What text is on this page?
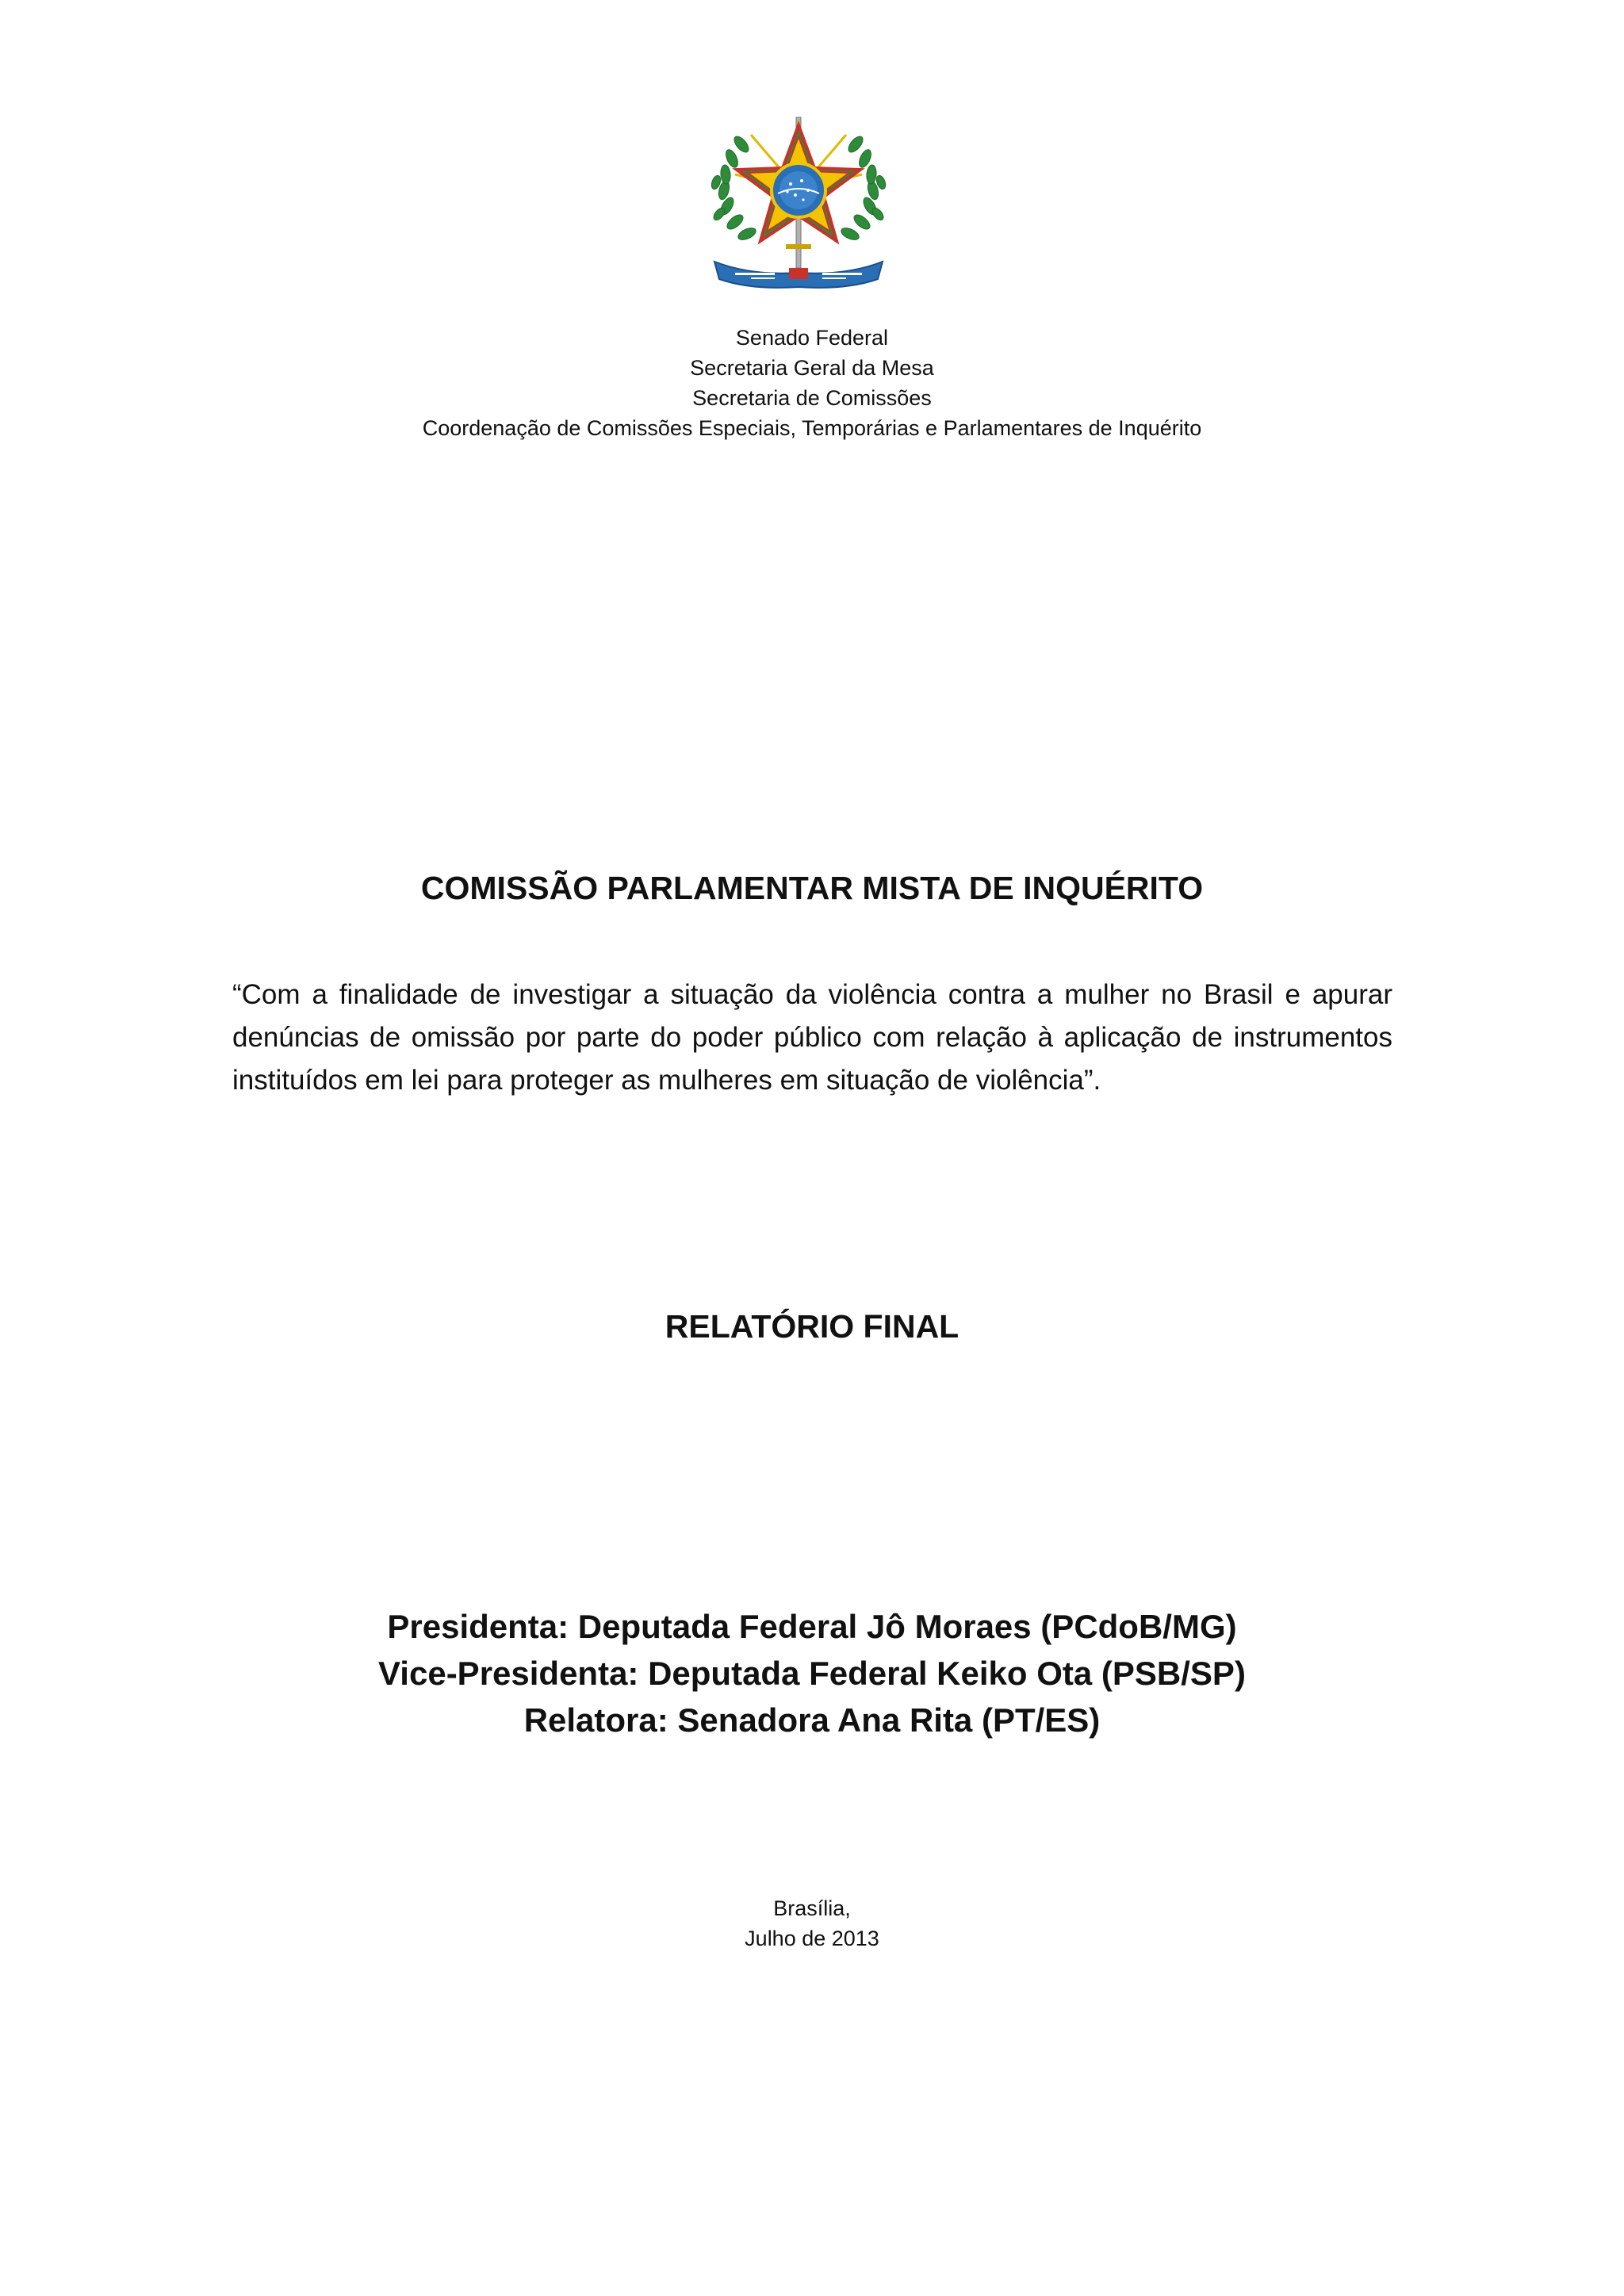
Senado Federal
Secretaria Geral da Mesa
Secretaria de Comissões
Coordenação de Comissões Especiais, Temporárias e Parlamentares de Inquérito
COMISSÃO PARLAMENTAR MISTA DE INQUÉRITO
“Com a finalidade de investigar a situação da violência contra a mulher no Brasil e apurar denúncias de omissão por parte do poder público com relação à aplicação de instrumentos instituídos em lei para proteger as mulheres em situação de violência”.
RELATÓRIO FINAL
Presidenta: Deputada Federal Jô Moraes (PCdoB/MG)
Vice-Presidenta: Deputada Federal Keiko Ota (PSB/SP)
Relatora: Senadora Ana Rita (PT/ES)
Brasília,
Julho de 2013
